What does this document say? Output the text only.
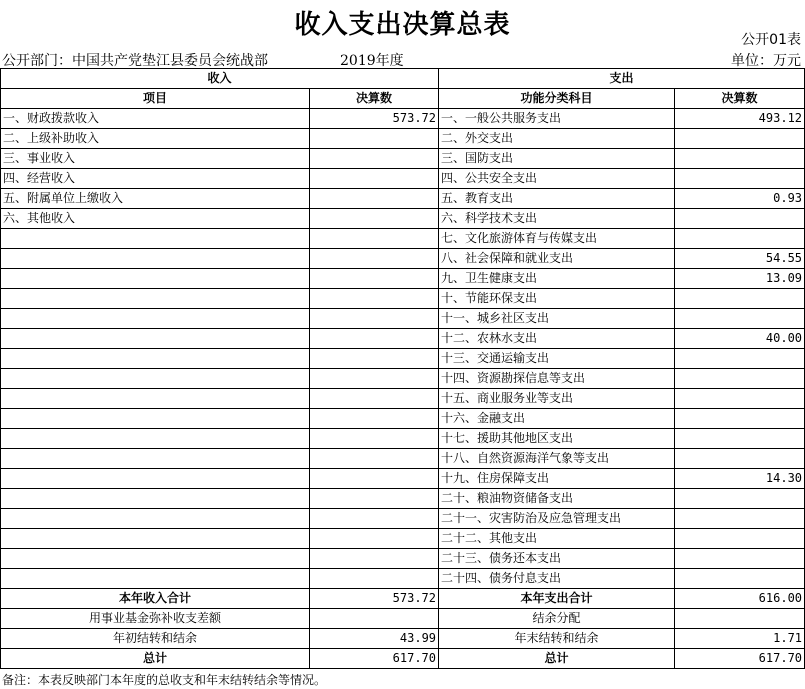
收入支出决算总表	公开01表
公开部门：中国共产党垫江县委员会统战部	2019年度	单位：万元
收入		支出	
项目	决算数	功能分类科目	决算数
一、财政拨款收入	573.72	一、一般公共服务支出	493.12
二、上级补助收入		二、外交支出	
三、事业收入		三、国防支出	
四、经营收入		四、公共安全支出	
五、附属单位上缴收入		五、教育支出	0.93
六、其他收入		六、科学技术支出	
		七、文化旅游体育与传媒支出	
		八、社会保障和就业支出	54.55
		九、卫生健康支出	13.09
		十、节能环保支出	
		十一、城乡社区支出	
		十二、农林水支出	40.00
		十三、交通运输支出	
		十四、资源勘探信息等支出	
		十五、商业服务业等支出	
		十六、金融支出	
		十七、援助其他地区支出	
		十八、自然资源海洋气象等支出	
		十九、住房保障支出	14.30
		二十、粮油物资储备支出	
		二十一、灾害防治及应急管理支出	
		二十二、其他支出	
		二十三、债务还本支出	
		二十四、债务付息支出	
本年收入合计	573.72	本年支出合计	616.00
用事业基金弥补收支差额		结余分配	
年初结转和结余	43.99	年末结转和结余	1.71
总计	617.70	总计	617.70
备注：本表反映部门本年度的总收支和年末结转结余等情况。
